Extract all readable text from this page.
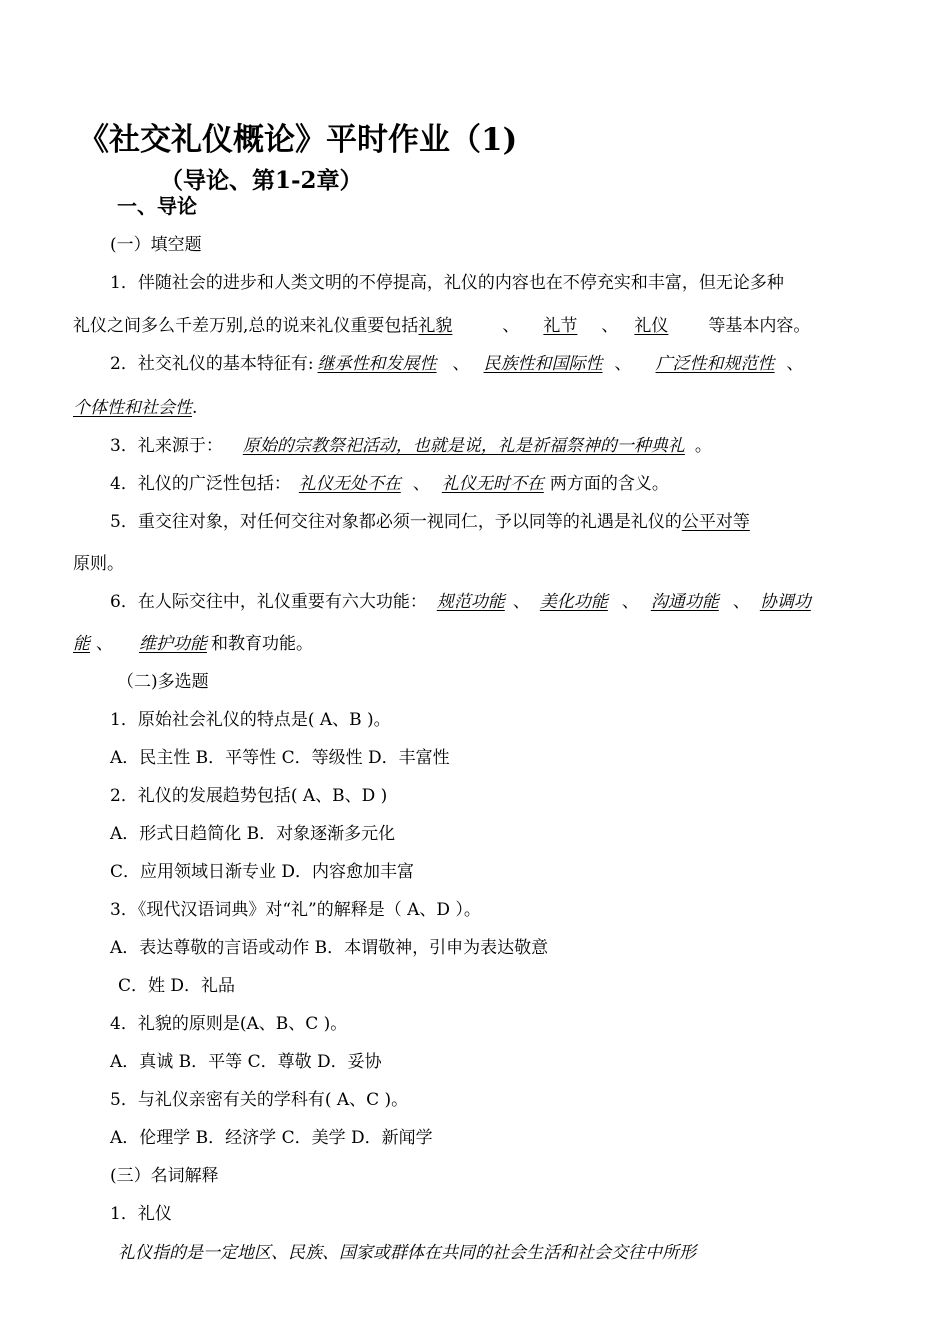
《社交礼仪概论》平时作业（1)
（导论、第1-2章）
一、导论
(一）填空题
1．伴随社会的进步和人类文明的不停提高，礼仪的内容也在不停充实和丰富，但无论多种
礼仪之间多么千差万别,总的说来礼仪重要包括礼貌	、 礼节 、 礼仪 等基本内容。
2．社交礼仪的基本特征有: 继承性和发展性 、 民族性和国际性 、 广泛性和规范性 、
个体性和社会性.
3．礼来源于： 原始的宗教祭祀活动，也就是说，礼是祈福祭神的一种典礼 。
4．礼仪的广泛性包括： 礼仪无处不在 、 礼仪无时不在 两方面的含义。
5．重交往对象，对任何交往对象都必须一视同仁，予以同等的礼遇是礼仪的公平对等
原则。
6．在人际交往中，礼仪重要有六大功能： 规范功能 、 美化功能 、 沟通功能 、 协调功
能 、 维护功能 和教育功能。
（二)多选题
1．原始社会礼仪的特点是( A、B )。
A．民主性 B．平等性 C．等级性 D．丰富性
2．礼仪的发展趋势包括( A、B、D )
A．形式日趋简化 B．对象逐渐多元化
C．应用领域日渐专业 D．内容愈加丰富
3．《现代汉语词典》对“礼”的解释是（ A、D ）。
A．表达尊敬的言语或动作 B．本谓敬神，引申为表达敬意
C．姓 D．礼品
4．礼貌的原则是(A、B、C )。
A．真诚 B．平等 C．尊敬 D．妥协
5．与礼仪亲密有关的学科有( A、C )。
A．伦理学 B．经济学 C．美学 D．新闻学
(三）名词解释
1．礼仪
礼仪指的是一定地区、民族、国家或群体在共同的社会生活和社会交往中所形
